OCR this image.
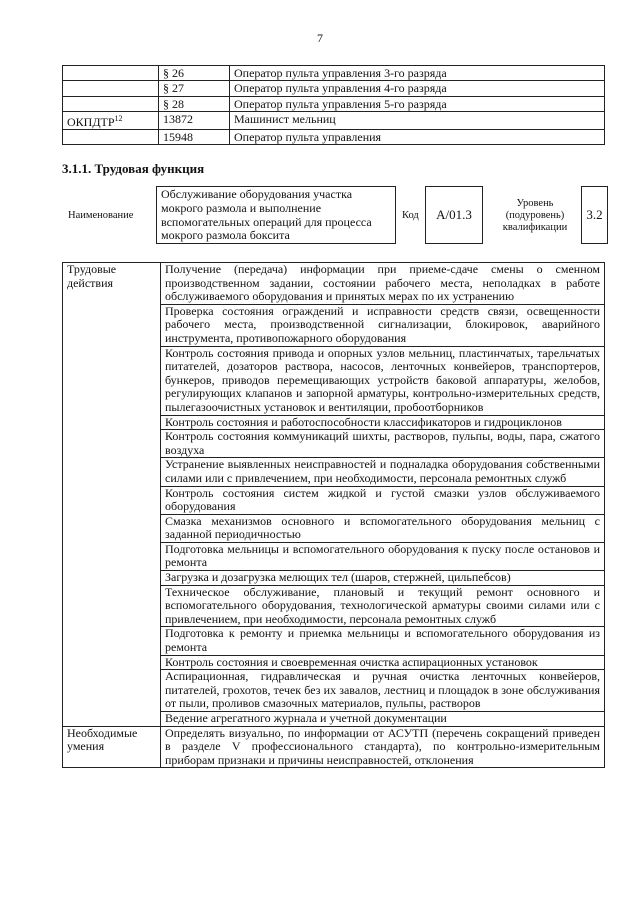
7
	§ 26	Оператор пульта управления 3-го разряда
	§ 27	Оператор пульта управления 4-го разряда
	§ 28	Оператор пульта управления 5-го разряда
ОКПДТР$^{12}$	13872	Машинист мельниц
	15948	Оператор пульта управления
3.1.1. Трудовая функция
Наименование
Обслуживание оборудования участка мокрого размола и выполнение вспомогательных операций для процесса мокрого размола боксита
Код	А/01.3
Уровень
(подуровень)
квалификации
3.2
Трудовые
действия	Получение (передача) информации при приеме-сдаче смены о сменном производственном задании, состоянии рабочего места, неполадках в работе обслуживаемого оборудования и принятых мерах по их устранению
	Проверка состояния ограждений и исправности средств связи, освещенности рабочего места, производственной сигнализации, блокировок, аварийного инструмента, противопожарного оборудования
	Контроль состояния привода и опорных узлов мельниц, пластинчатых, тарельчатых питателей, дозаторов раствора, насосов, ленточных конвейеров, транспортеров, бункеров, приводов перемещивающих устройств баковой аппаратуры, желобов, регулирующих клапанов и запорной арматуры, контрольно-измерительных средств, пылегазоочистных установок и вентиляции, пробоотборников
	Контроль состояния и работоспособности классификаторов и гидроциклонов
	Контроль состояния коммуникаций шихты, растворов, пульпы, воды, пара, сжатого воздуха
	Устранение выявленных неисправностей и подналадка оборудования собственными силами или с привлечением, при необходимости, персонала ремонтных служб
	Контроль состояния систем жидкой и густой смазки узлов обслуживаемого оборудования
	Смазка механизмов основного и вспомогательного оборудования мельниц с заданной периодичностью
	Подготовка мельницы и вспомогательного оборудования к пуску после остановов и ремонта
	Загрузка и дозагрузка мелющих тел (шаров, стержней, цильпебсов)
	Техническое обслуживание, плановый и текущий ремонт основного и вспомогательного оборудования, технологической арматуры своими силами или с привлечением, при необходимости, персонала ремонтных служб
	Подготовка к ремонту и приемка мельницы и вспомогательного оборудования из ремонта
	Контроль состояния и своевременная очистка аспирационных установок
	Аспирационная, гидравлическая и ручная очистка ленточных конвейеров, питателей, грохотов, течек без их завалов, лестниц и площадок в зоне обслуживания от пыли, проливов смазочных материалов, пульпы, растворов
	Ведение агрегатного журнала и учетной документации

Необходимые
умения	Определять визуально, по информации от АСУТП (перечень сокращений приведен в разделе V профессионального стандарта), по контрольно-измерительным приборам признаки и причины неисправностей, отклонения
